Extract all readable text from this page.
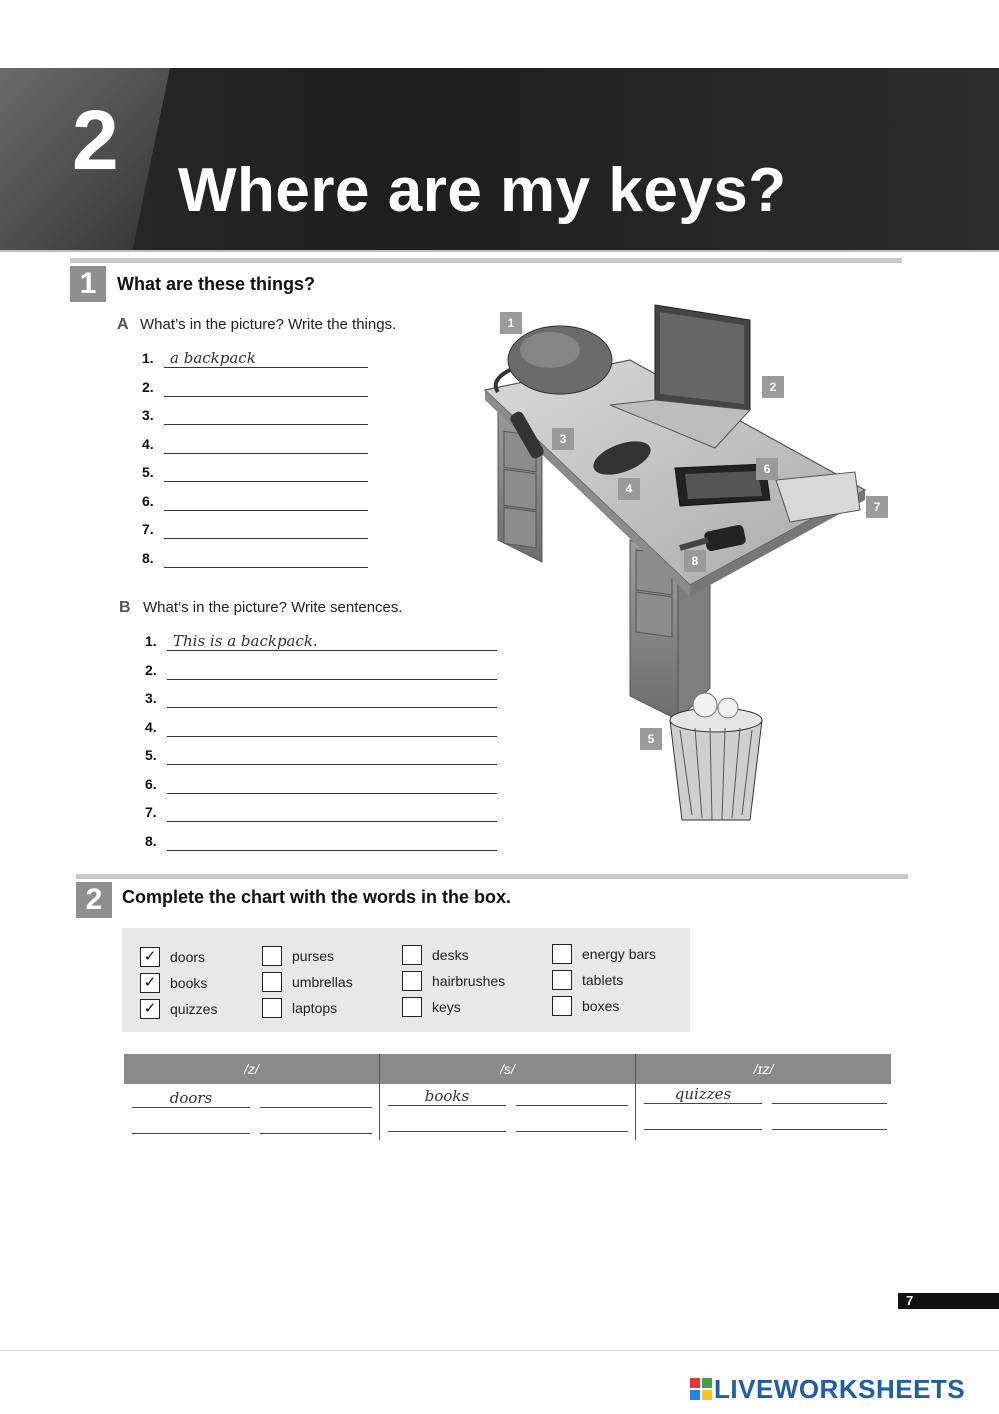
2
Where are my keys?
1	What are these things?
A What’s in the picture? Write the things.
1.	a backpack
2.
3.
4.
5.
6.
7.
8.
B What’s in the picture? Write sentences.
1.	This is a backpack.
2.
3.
4.
5.
6.
7.
8.
1
2
3
4
5
6
7
8
2	Complete the chart with the words in the box.
✓ doors
✓ books
✓ quizzes
purses
umbrellas
laptops
desks
hairbrushes
keys
energy bars
tablets
boxes
/z/	/s/	/ɪz/
doors	books	quizzes
7
LIVEWORKSHEETS
